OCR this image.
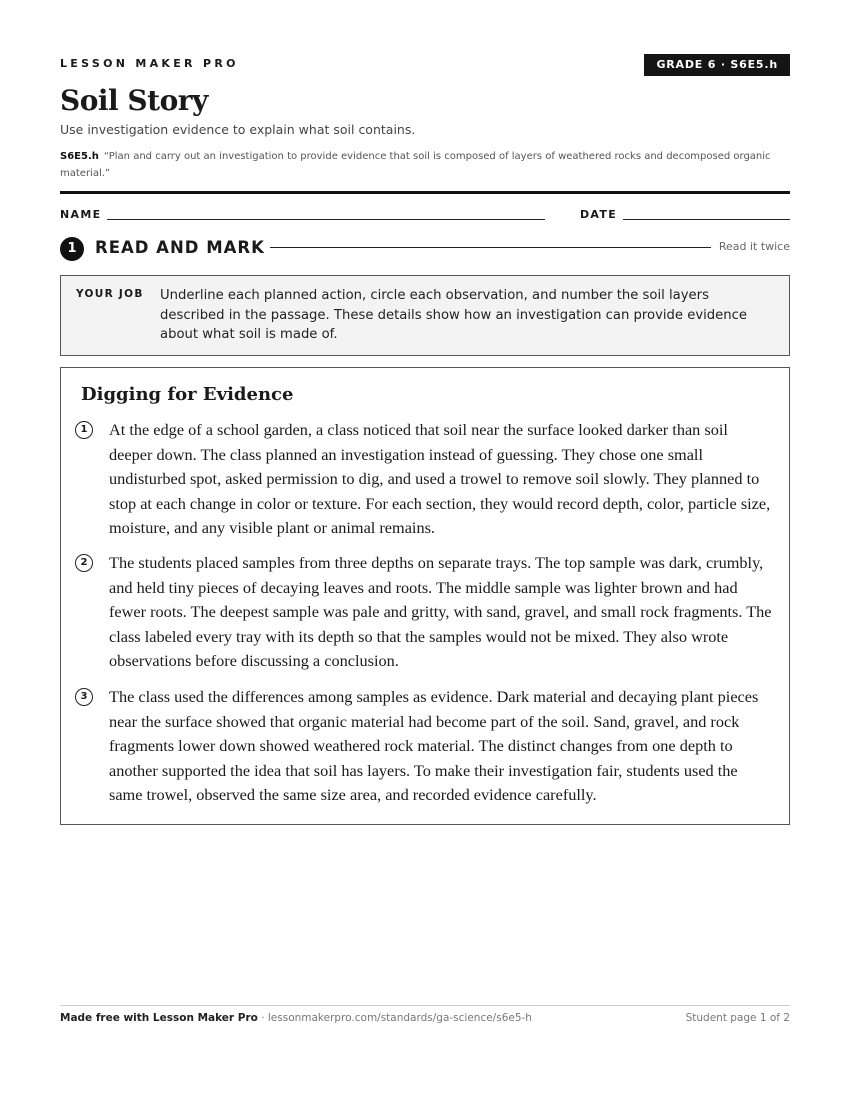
LESSON MAKER PRO	GRADE 6 · S6E5.h
Soil Story
Use investigation evidence to explain what soil contains.
S6E5.h “Plan and carry out an investigation to provide evidence that soil is composed of layers of weathered rocks and decomposed organic material.”
NAME	DATE
1	READ AND MARK	Read it twice
YOUR JOB Underline each planned action, circle each observation, and number the soil layers described in the passage. These details show how an investigation can provide evidence about what soil is made of.
Digging for Evidence
1	At the edge of a school garden, a class noticed that soil near the surface looked darker than soil deeper down. The class planned an investigation instead of guessing. They chose one small undisturbed spot, asked permission to dig, and used a trowel to remove soil slowly. They planned to stop at each change in color or texture. For each section, they would record depth, color, particle size, moisture, and any visible plant or animal remains.
2	The students placed samples from three depths on separate trays. The top sample was dark, crumbly, and held tiny pieces of decaying leaves and roots. The middle sample was lighter brown and had fewer roots. The deepest sample was pale and gritty, with sand, gravel, and small rock fragments. The class labeled every tray with its depth so that the samples would not be mixed. They also wrote observations before discussing a conclusion.
3	The class used the differences among samples as evidence. Dark material and decaying plant pieces near the surface showed that organic material had become part of the soil. Sand, gravel, and rock fragments lower down showed weathered rock material. The distinct changes from one depth to another supported the idea that soil has layers. To make their investigation fair, students used the same trowel, observed the same size area, and recorded evidence carefully.
Made free with Lesson Maker Pro · lessonmakerpro.com/standards/ga-science/s6e5-h	Student page 1 of 2
